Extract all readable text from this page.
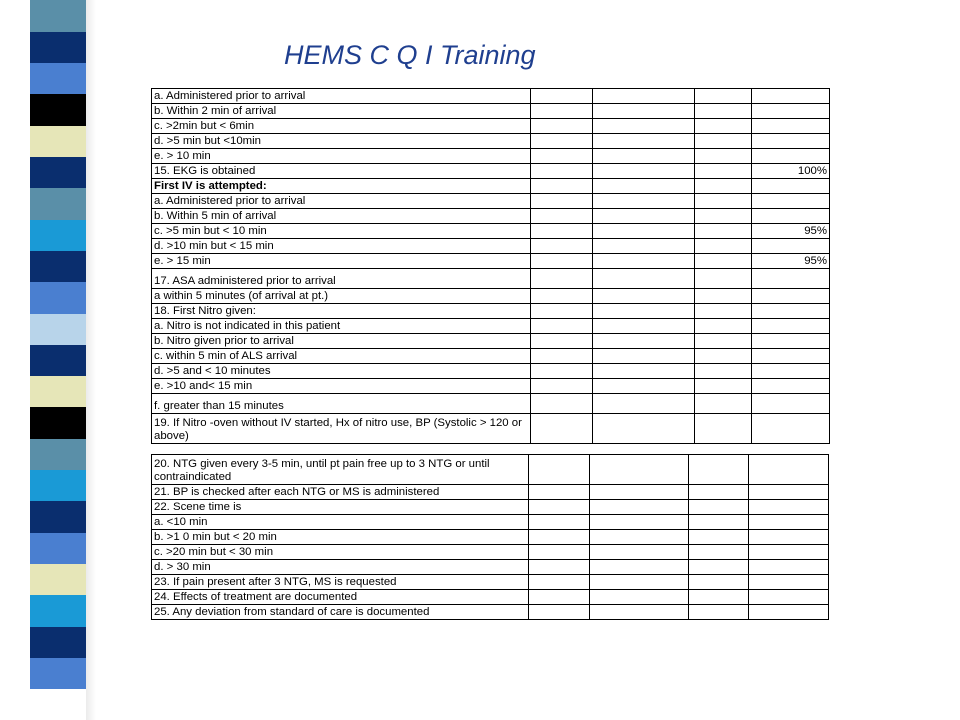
HEMS C Q I Training
a. Administered prior to arrival				
b. Within 2 min of arrival				
c. >2min but < 6min				
d. >5 min but <10min				
e. > 10 min				
15. EKG is obtained				100%
First IV is attempted:				
a. Administered prior to arrival				
b. Within 5 min of arrival				
c. >5 min but < 10 min				95%
d. >10 min but < 15 min				
e. > 15 min				95%
17. ASA administered prior to arrival				
a within 5 minutes (of arrival at pt.)				
18. First Nitro given:				
a. Nitro is not indicated in this patient				
b. Nitro given prior to arrival				
c. within 5 min of ALS arrival				
d. >5 and < 10 minutes				
e. >10 and< 15 min				
f. greater than 15 minutes				
19. If Nitro -oven without IV started, Hx of nitro use, BP (Systolic > 120 or above)				
20. NTG given every 3-5 min, until pt pain free up to 3 NTG or until contraindicated				
21. BP is checked after each NTG or MS is administered				
22. Scene time is				
a. <10 min				
b. >1 0 min but < 20 min				
c. >20 min but < 30 min				
d. > 30 min				
23. If pain present after 3 NTG, MS is requested				
24. Effects of treatment are documented				
25. Any deviation from standard of care is documented				
